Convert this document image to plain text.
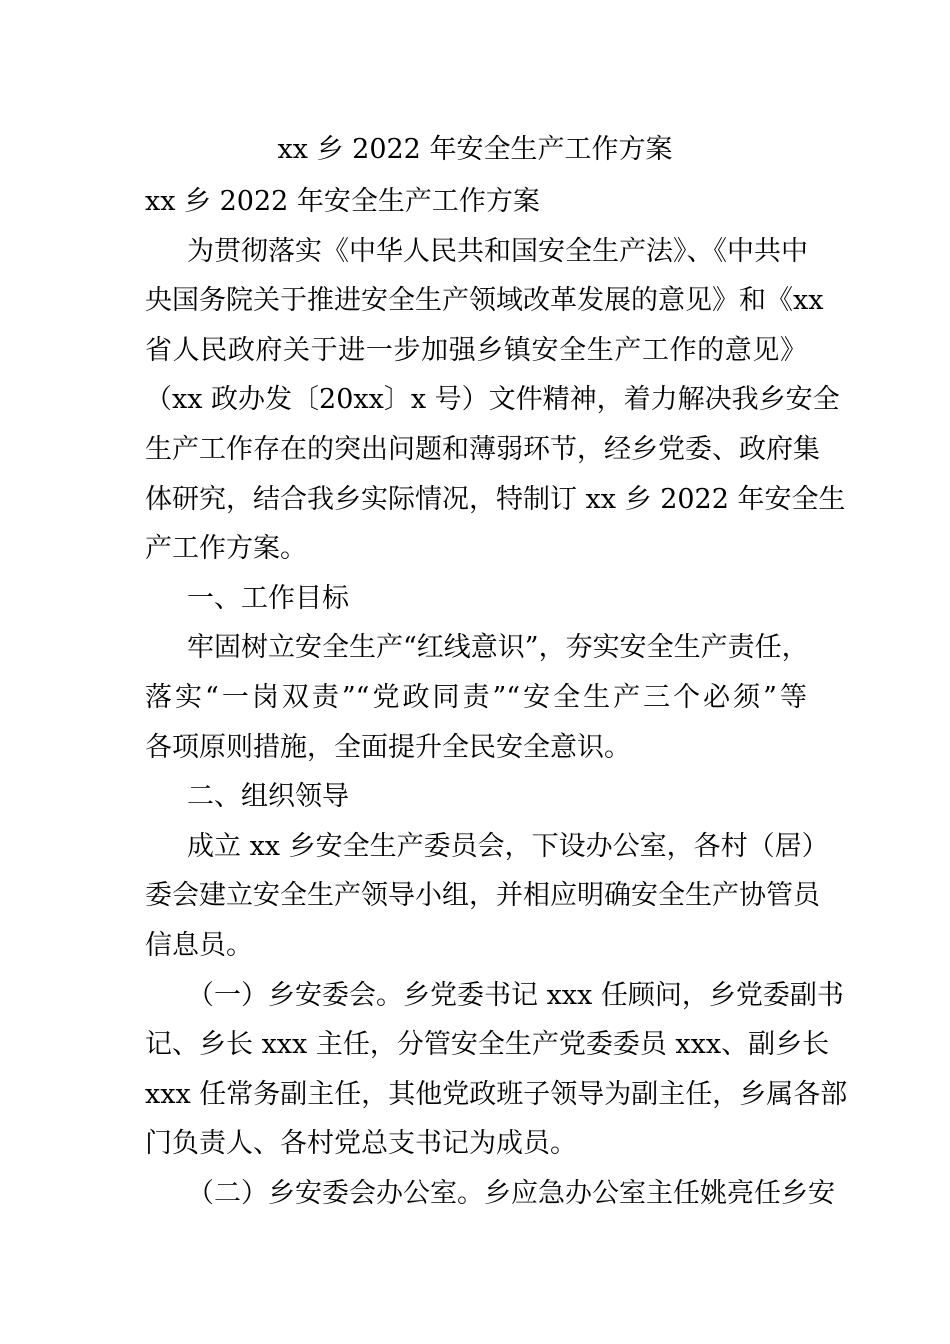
xx 乡 2022 年安全生产工作方案

xx 乡 2022 年安全生产工作方案

为贯彻落实《中华人民共和国安全生产法》、《中共中
央国务院关于推进安全生产领域改革发展的意见》和《xx
省人民政府关于进一步加强乡镇安全生产工作的意见》
（xx 政办发〔20xx〕x 号）文件精神，着力解决我乡安全
生产工作存在的突出问题和薄弱环节，经乡党委、政府集
体研究，结合我乡实际情况，特制订 xx 乡 2022 年安全生
产工作方案。

一、工作目标

牢固树立安全生产“红线意识”，夯实安全生产责任，
落实“一岗双责”“党政同责”“安全生产三个必须”等
各项原则措施，全面提升全民安全意识。

二、组织领导

成立 xx 乡安全生产委员会，下设办公室，各村（居）
委会建立安全生产领导小组，并相应明确安全生产协管员
信息员。

（一）乡安委会。乡党委书记 xxx 任顾问，乡党委副书
记、乡长 xxx 主任，分管安全生产党委委员 xxx、副乡长
xxx 任常务副主任，其他党政班子领导为副主任，乡属各部
门负责人、各村党总支书记为成员。

（二）乡安委会办公室。乡应急办公室主任姚亮任乡安
